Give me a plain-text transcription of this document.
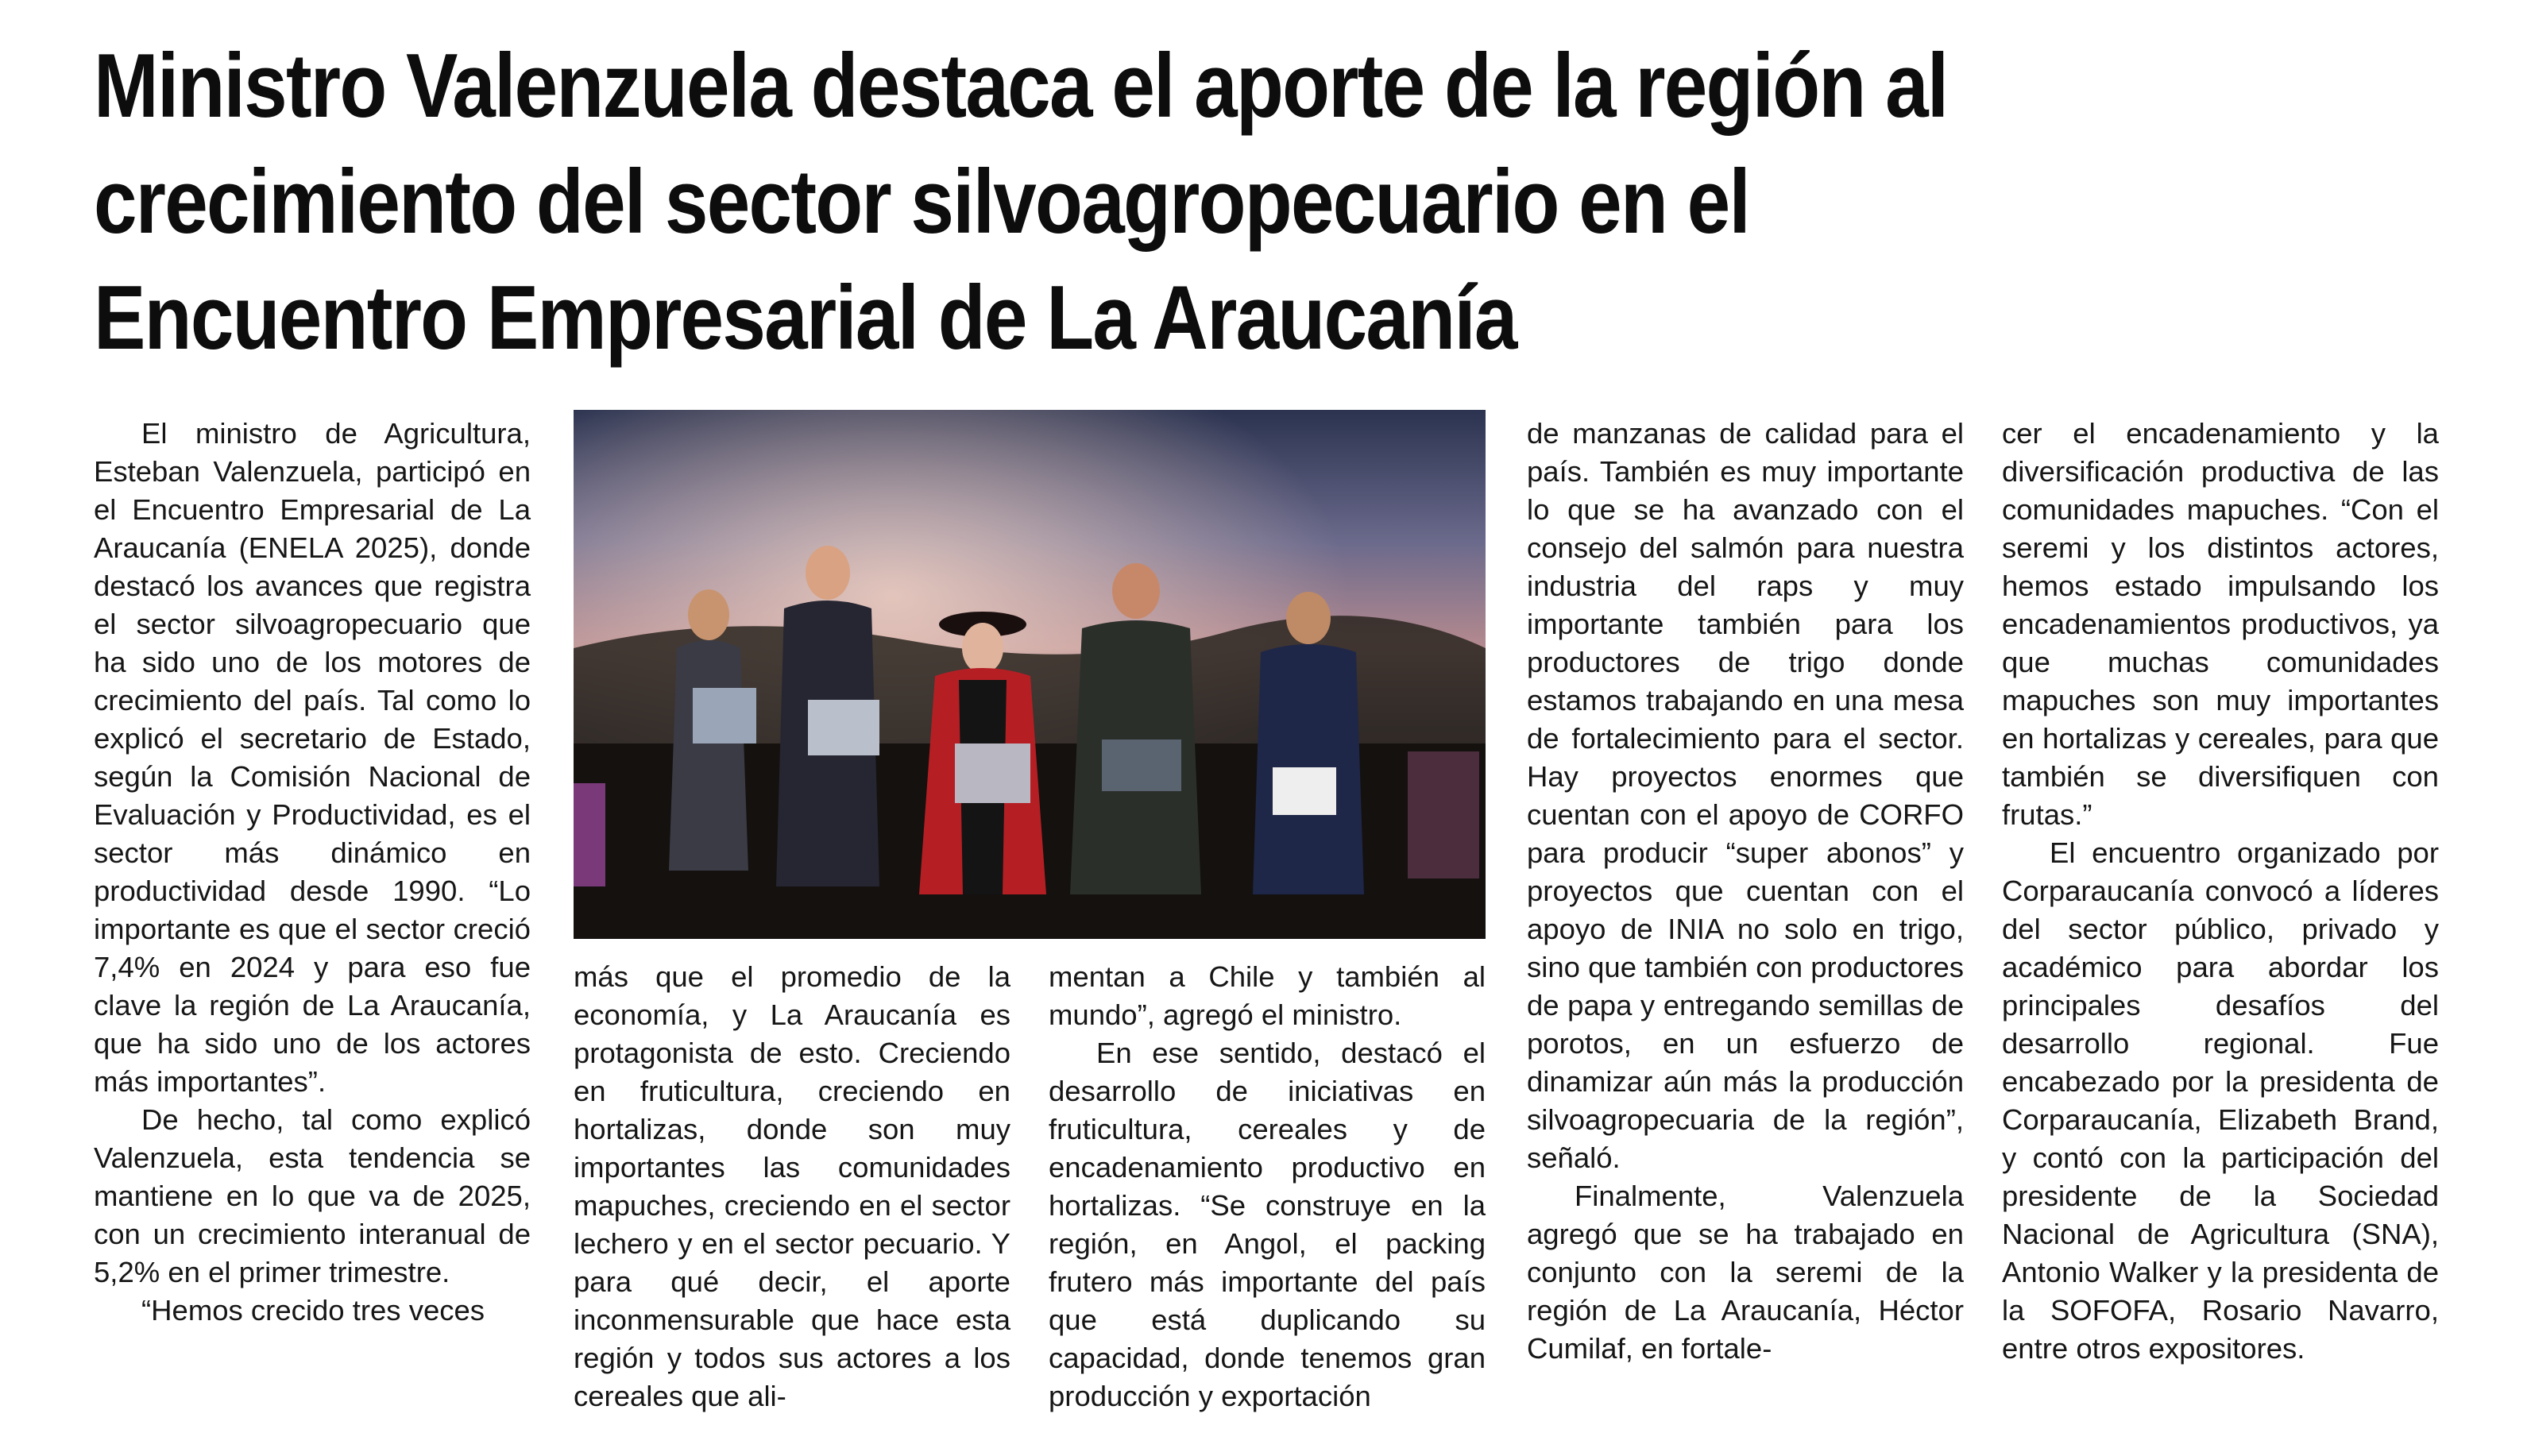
Ministro Valenzuela destaca el aporte de la región al crecimiento del sector silvoagropecuario en el Encuentro Empresarial de La Araucanía

El ministro de Agricultura, Esteban Valenzuela, participó en el Encuentro Empresarial de La Araucanía (ENELA 2025), donde destacó los avances que registra el sector silvoagropecuario que ha sido uno de los motores de crecimiento del país. Tal como lo explicó el secretario de Estado, según la Comisión Nacional de Evaluación y Productividad, es el sector más dinámico en productividad desde 1990. “Lo importante es que el sector creció 7,4% en 2024 y para eso fue clave la región de La Araucanía, que ha sido uno de los actores más importantes”.

De hecho, tal como explicó Valenzuela, esta tendencia se mantiene en lo que va de 2025, con un crecimiento interanual de 5,2% en el primer trimestre.

“Hemos crecido tres veces

más que el promedio de la economía, y La Araucanía es protagonista de esto. Creciendo en fruticultura, creciendo en hortalizas, donde son muy importantes las comunidades mapuches, creciendo en el sector lechero y en el sector pecuario. Y para qué decir, el aporte inconmensurable que hace esta región y todos sus actores a los cereales que ali-

mentan a Chile y también al mundo”, agregó el ministro.

En ese sentido, destacó el desarrollo de iniciativas en fruticultura, cereales y de encadenamiento productivo en hortalizas. “Se construye en la región, en Angol, el packing frutero más importante del país que está duplicando su capacidad, donde tenemos gran producción y exportación

de manzanas de calidad para el país. También es muy importante lo que se ha avanzado con el consejo del salmón para nuestra industria del raps y muy importante también para los productores de trigo donde estamos trabajando en una mesa de fortalecimiento para el sector. Hay proyectos enormes que cuentan con el apoyo de CORFO para producir “super abonos” y proyectos que cuentan con el apoyo de INIA no solo en trigo, sino que también con productores de papa y entregando semillas de porotos, en un esfuerzo de dinamizar aún más la producción silvoagropecuaria de la región”, señaló.

Finalmente, Valenzuela agregó que se ha trabajado en conjunto con la seremi de la región de La Araucanía, Héctor Cumilaf, en fortale-

cer el encadenamiento y la diversificación productiva de las comunidades mapuches. “Con el seremi y los distintos actores, hemos estado impulsando los encadenamientos productivos, ya que muchas comunidades mapuches son muy importantes en hortalizas y cereales, para que también se diversifiquen con frutas.”

El encuentro organizado por Corparaucanía convocó a líderes del sector público, privado y académico para abordar los principales desafíos del desarrollo regional. Fue encabezado por la presidenta de Corparaucanía, Elizabeth Brand, y contó con la participación del presidente de la Sociedad Nacional de Agricultura (SNA), Antonio Walker y la presidenta de la SOFOFA, Rosario Navarro, entre otros expositores.
